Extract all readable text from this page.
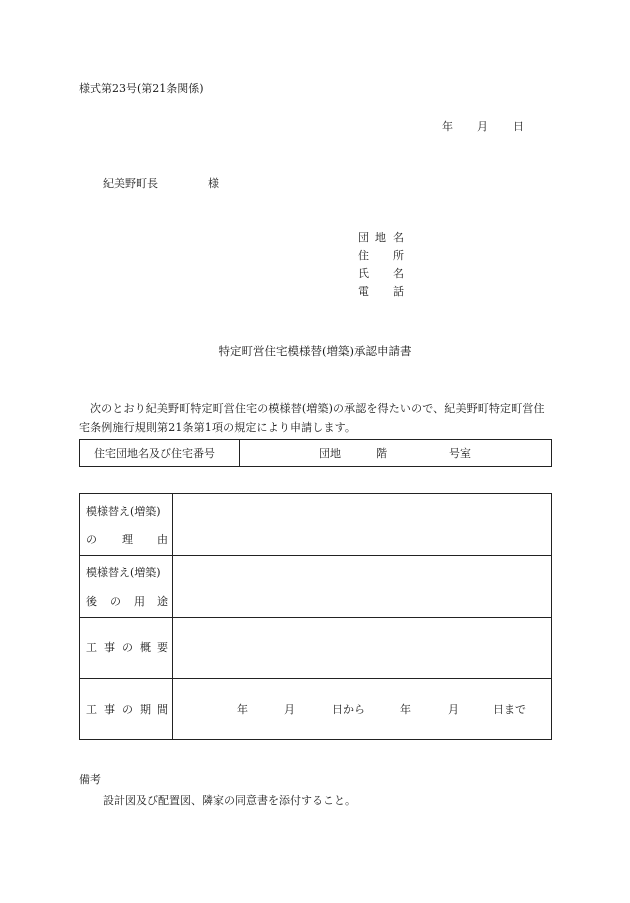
様式第23号(第21条関係)
年 月 日
紀美野町長	様
団 地 名
住 所
氏 名
電 話
特定町営住宅模様替(増築)承認申請書
次のとおり紀美野町特定町営住宅の模様替(増築)の承認を得たいので、紀美野町特定町営住宅条例施行規則第21条第1項の規定により申請します。
住宅団地名及び住宅番号	団地	階	号室
模様替え(増築)
の 理 由
模様替え(増築)
後 の 用 途
工 事 の 概 要
工 事 の 期 間	年	月	日から	年	月	日まで
備考
設計図及び配置図、隣家の同意書を添付すること。
